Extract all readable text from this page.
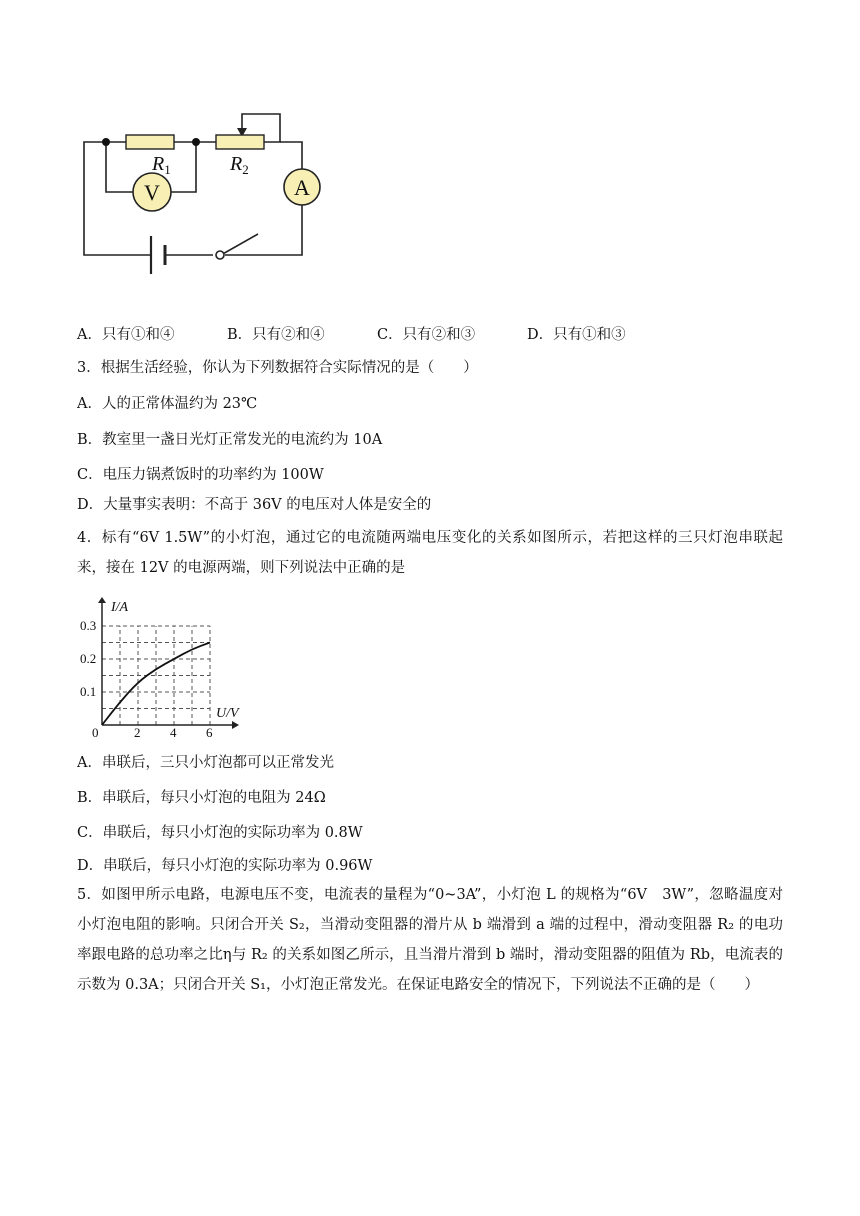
V	A
$R_1$	$R_2$
A．只有①和④	B．只有②和④	C．只有②和③	D．只有①和③
3．根据生活经验，你认为下列数据符合实际情况的是（　　）
A．人的正常体温约为 23℃
B．教室里一盏日光灯正常发光的电流约为 10A
C．电压力锅煮饭时的功率约为 100W
D．大量事实表明：不高于 36V 的电压对人体是安全的
4．标有“6V 1.5W”的小灯泡，通过它的电流随两端电压变化的关系如图所示，若把这样的三只灯泡串联起来，接在 12V 的电源两端，则下列说法中正确的是
2 4 6
0.1
0.2
0.3
I/A
U/V
0
A．串联后，三只小灯泡都可以正常发光
B．串联后，每只小灯泡的电阻为 24Ω
C．串联后，每只小灯泡的实际功率为 0.8W
D．串联后，每只小灯泡的实际功率为 0.96W
5．如图甲所示电路，电源电压不变，电流表的量程为“0~3A”，小灯泡 L 的规格为“6V　3W”，忽略温度对小灯泡电阻的影响。只闭合开关 S₂，当滑动变阻器的滑片从 b 端滑到 a 端的过程中，滑动变阻器 R₂ 的电功率跟电路的总功率之比η与 R₂ 的关系如图乙所示，且当滑片滑到 b 端时，滑动变阻器的阻值为 Rb，电流表的示数为 0.3A；只闭合开关 S₁，小灯泡正常发光。在保证电路安全的情况下，下列说法不正确的是（　　）
